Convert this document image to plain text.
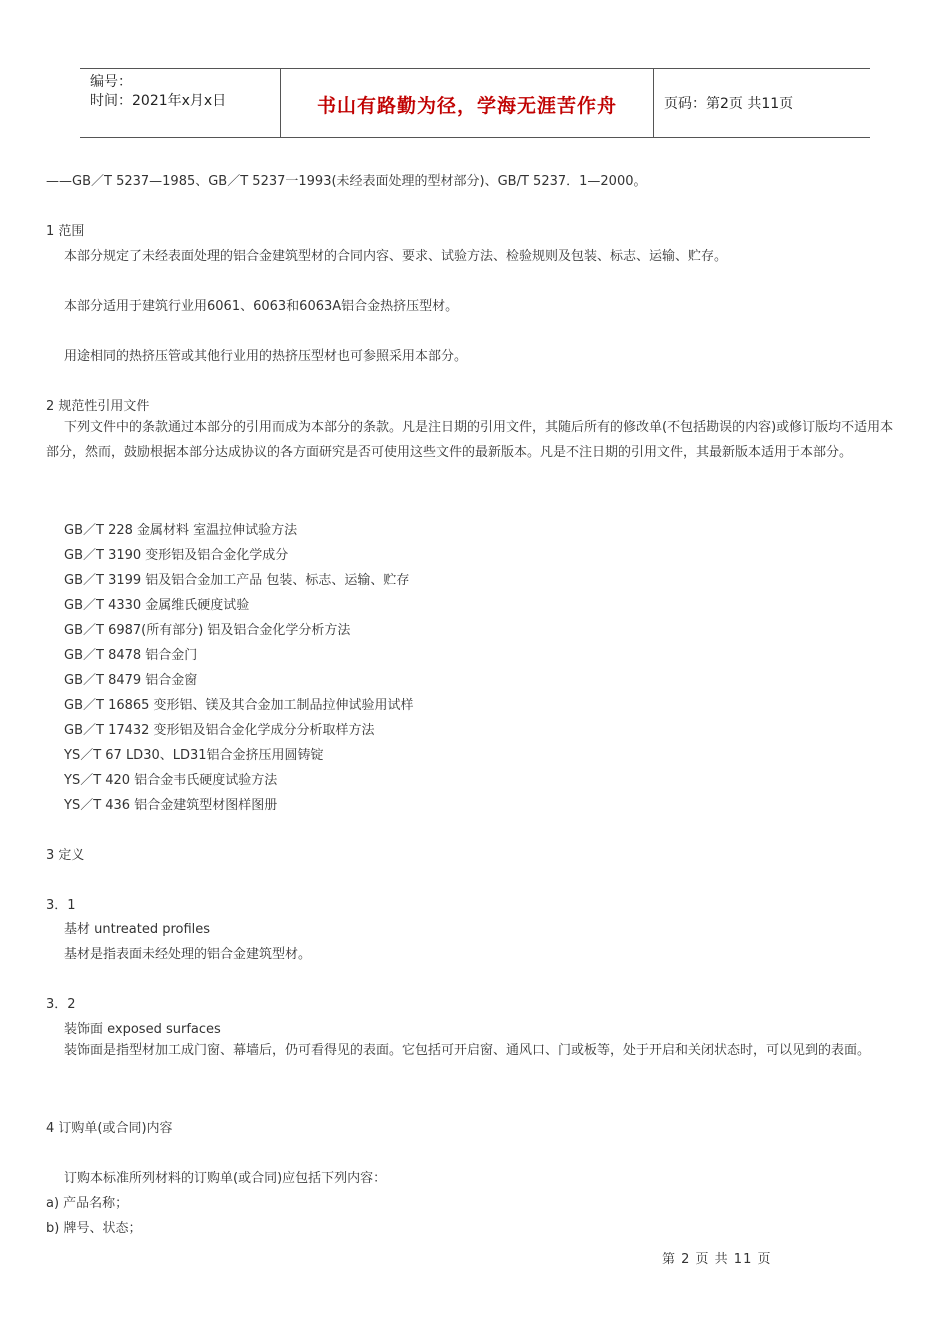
编号：
时间：2021年x月x日	书山有路勤为径，学海无涯苦作舟	页码：第2页 共11页
——GB／T 5237—1985、GB／T 5237一1993(未经表面处理的型材部分)、GB/T 5237．1—2000。
1 范围
本部分规定了未经表面处理的铝合金建筑型材的合同内容、要求、试验方法、检验规则及包装、标志、运输、贮存。
本部分适用于建筑行业用6061、6063和6063A铝合金热挤压型材。
用途相同的热挤压管或其他行业用的热挤压型材也可参照采用本部分。
2 规范性引用文件
下列文件中的条款通过本部分的引用而成为本部分的条款。凡是注日期的引用文件，其随后所有的修改单(不包括勘误的内容)或修订版均不适用本部分，然而，鼓励根据本部分达成协议的各方面研究是否可使用这些文件的最新版本。凡是不注日期的引用文件，其最新版本适用于本部分。
GB／T 228 金属材料 室温拉伸试验方法
GB／T 3190 变形铝及铝合金化学成分
GB／T 3199 铝及铝合金加工产品 包装、标志、运输、贮存
GB／T 4330 金属维氏硬度试验
GB／T 6987(所有部分) 铝及铝合金化学分析方法
GB／T 8478 铝合金门
GB／T 8479 铝合金窗
GB／T 16865 变形铝、镁及其合金加工制品拉伸试验用试样
GB／T 17432 变形铝及铝合金化学成分分析取样方法
YS／T 67 LD30、LD31铝合金挤压用圆铸锭
YS／T 420 铝合金韦氏硬度试验方法
YS／T 436 铝合金建筑型材图样图册
3 定义
3．1
基材 untreated profiles
基材是指表面未经处理的铝合金建筑型材。
3．2
装饰面 exposed surfaces
装饰面是指型材加工成门窗、幕墙后，仍可看得见的表面。它包括可开启窗、通风口、门或板等，处于开启和关闭状态时，可以见到的表面。
4 订购单(或合同)内容
订购本标准所列材料的订购单(或合同)应包括下列内容：
a) 产品名称；
b) 牌号、状态；
第 2 页 共 11 页
